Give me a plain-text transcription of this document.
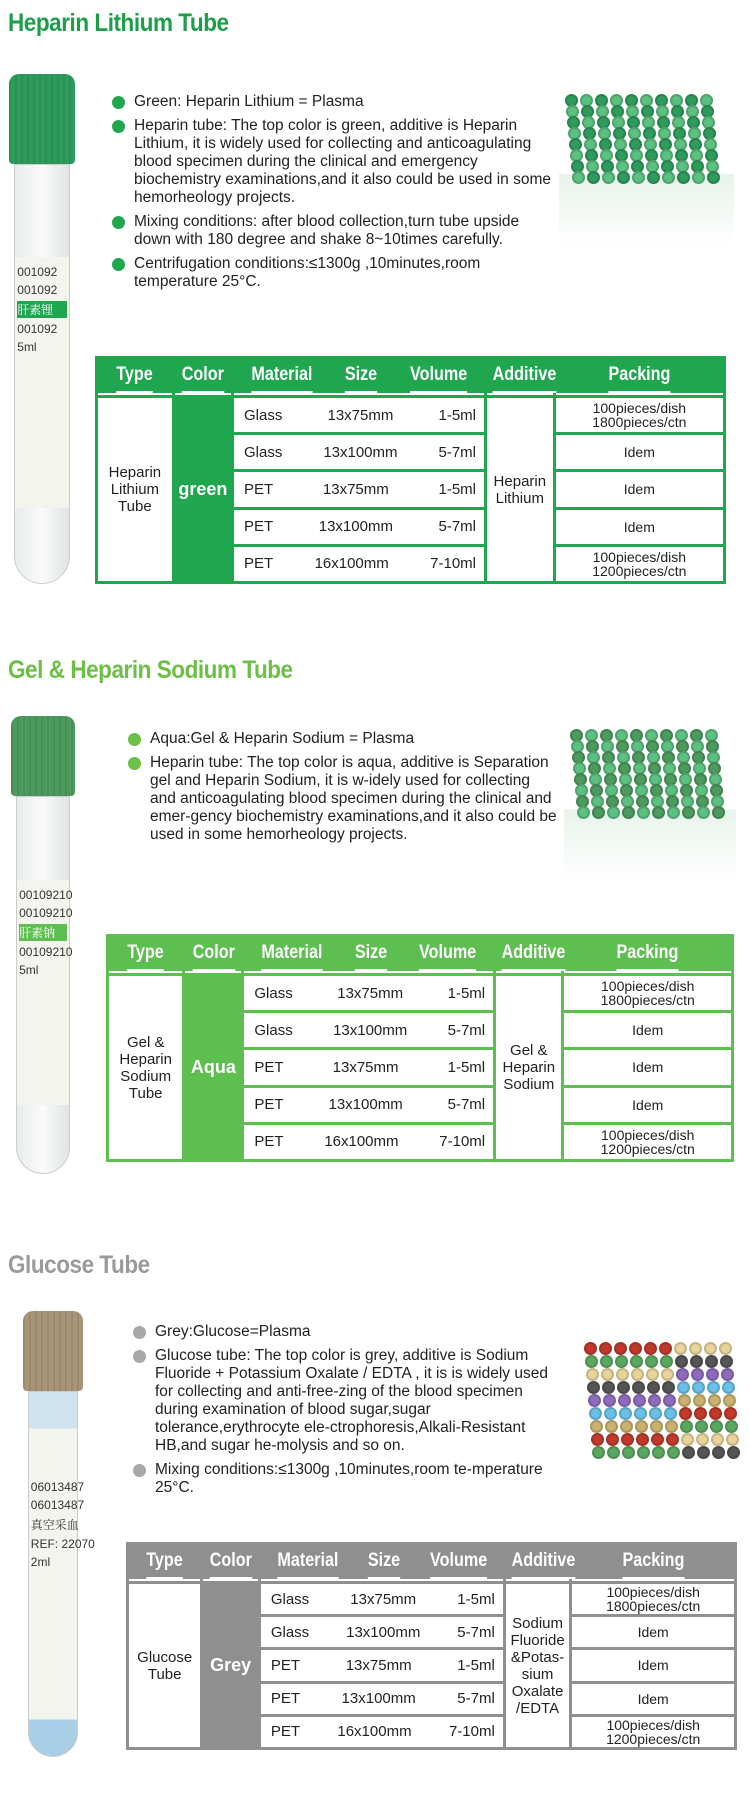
Heparin Lithium Tube
001092
001092
肝素锂
001092
5ml
Green: Heparin Lithium = Plasma
Heparin tube: The top color is green, additive is Heparin Lithium, it is widely used for collecting and anticoagulating blood specimen during the clinical and emergency biochemistry examinations,and it also could be used in some hemorheology projects.
Mixing conditions: after blood collection,turn tube upside down with 180 degree and shake 8~10times carefully.
Centrifugation conditions:≤1300g ,10minutes,room temperature 25°C.
Type Color Material Size Volume Additive	Packing
Heparin Lithium Tube
green	Heparin Lithium
Glass	13x75mm	1-5ml	100pieces/dish
1800pieces/ctn
Glass	13x100mm	5-7ml	Idem
PET	13x75mm	1-5ml	Idem
PET	13x100mm	5-7ml	Idem
PET	16x100mm	7-10ml	100pieces/dish
1200pieces/ctn
Gel & Heparin Sodium Tube
00109210
00109210
肝素钠
00109210
5ml
Aqua:Gel & Heparin Sodium = Plasma
Heparin tube: The top color is aqua, additive is Separation gel and Heparin Sodium, it is w-idely used for collecting and anticoagulating blood specimen during the clinical and emer-gency biochemistry examinations,and it also could be used in some hemorheology projects.
Type Color Material Size Volume Additive	Packing
Gel & Heparin Sodium Tube
Aqua
Gel & Heparin Sodium
Glass	13x75mm	1-5ml	100pieces/dish
1800pieces/ctn
Glass	13x100mm	5-7ml	Idem
PET	13x75mm	1-5ml	Idem
PET	13x100mm	5-7ml	Idem
PET	16x100mm	7-10ml	100pieces/dish
1200pieces/ctn
Glucose Tube
06013487
06013487
真空采血
REF: 22070
2ml
Grey:Glucose=Plasma
Glucose tube: The top color is grey, additive is Sodium Fluoride + Potassium Oxalate / EDTA , it is is widely used for collecting and anti-free-zing of the blood specimen during examination of blood sugar,sugar tolerance,erythrocyte ele-ctrophoresis,Alkali-Resistant HB,and sugar he-molysis and so on.
Mixing conditions:≤1300g ,10minutes,room te-mperature 25°C.
Type Color Material Size Volume Additive Packing
Glucose Tube	Grey
Sodium Fluoride &Potas-sium Oxalate /EDTA
Glass	13x75mm	1-5ml	100pieces/dish
1800pieces/ctn
Glass 13x100mm 5-7ml	Idem
PET	13x75mm	1-5ml	Idem
PET	13x100mm	5-7ml	Idem
PET 16x100mm 7-10ml	100pieces/dish
1200pieces/ctn
